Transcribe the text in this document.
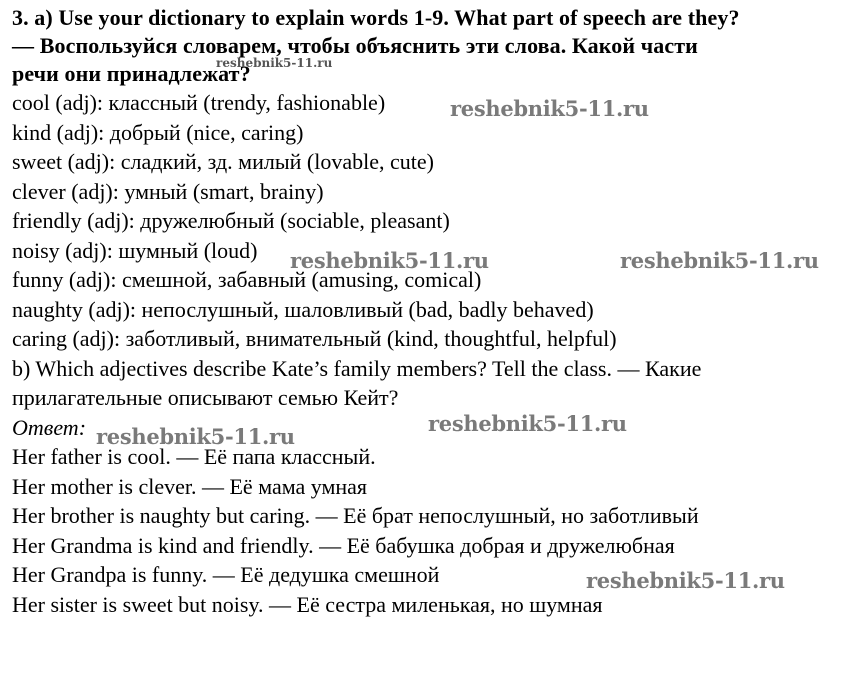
3. a) Use your dictionary to explain words 1-9. What part of speech are they?
— Воспользуйся словарем, чтобы объяснить эти слова. Какой части
речи они принадлежат?
cool (adj): классный (trendy, fashionable)
kind (adj): добрый (nice, caring)
sweet (adj): сладкий, зд. милый (lovable, cute)
clever (adj): умный (smart, brainy)
friendly (adj): дружелюбный (sociable, pleasant)
noisy (adj): шумный (loud)
funny (adj): смешной, забавный (amusing, comical)
naughty (adj): непослушный, шаловливый (bad, badly behaved)
caring (adj): заботливый, внимательный (kind, thoughtful, helpful)
b) Which adjectives describe Kate’s family members? Tell the class. — Какие
прилагательные описывают семью Кейт?
Ответ:
Her father is cool. — Её папа классный.
Her mother is clever. — Её мама умная
Her brother is naughty but caring. — Её брат непослушный, но заботливый
Her Grandma is kind and friendly. — Её бабушка добрая и дружелюбная
Her Grandpa is funny. — Её дедушка смешной
Her sister is sweet but noisy. — Её сестра миленькая, но шумная
reshebnik5-11.ru
reshebnik5-11.ru
reshebnik5-11.ru	reshebnik5-11.ru
reshebnik5-11.ru
reshebnik5-11.ru
reshebnik5-11.ru
